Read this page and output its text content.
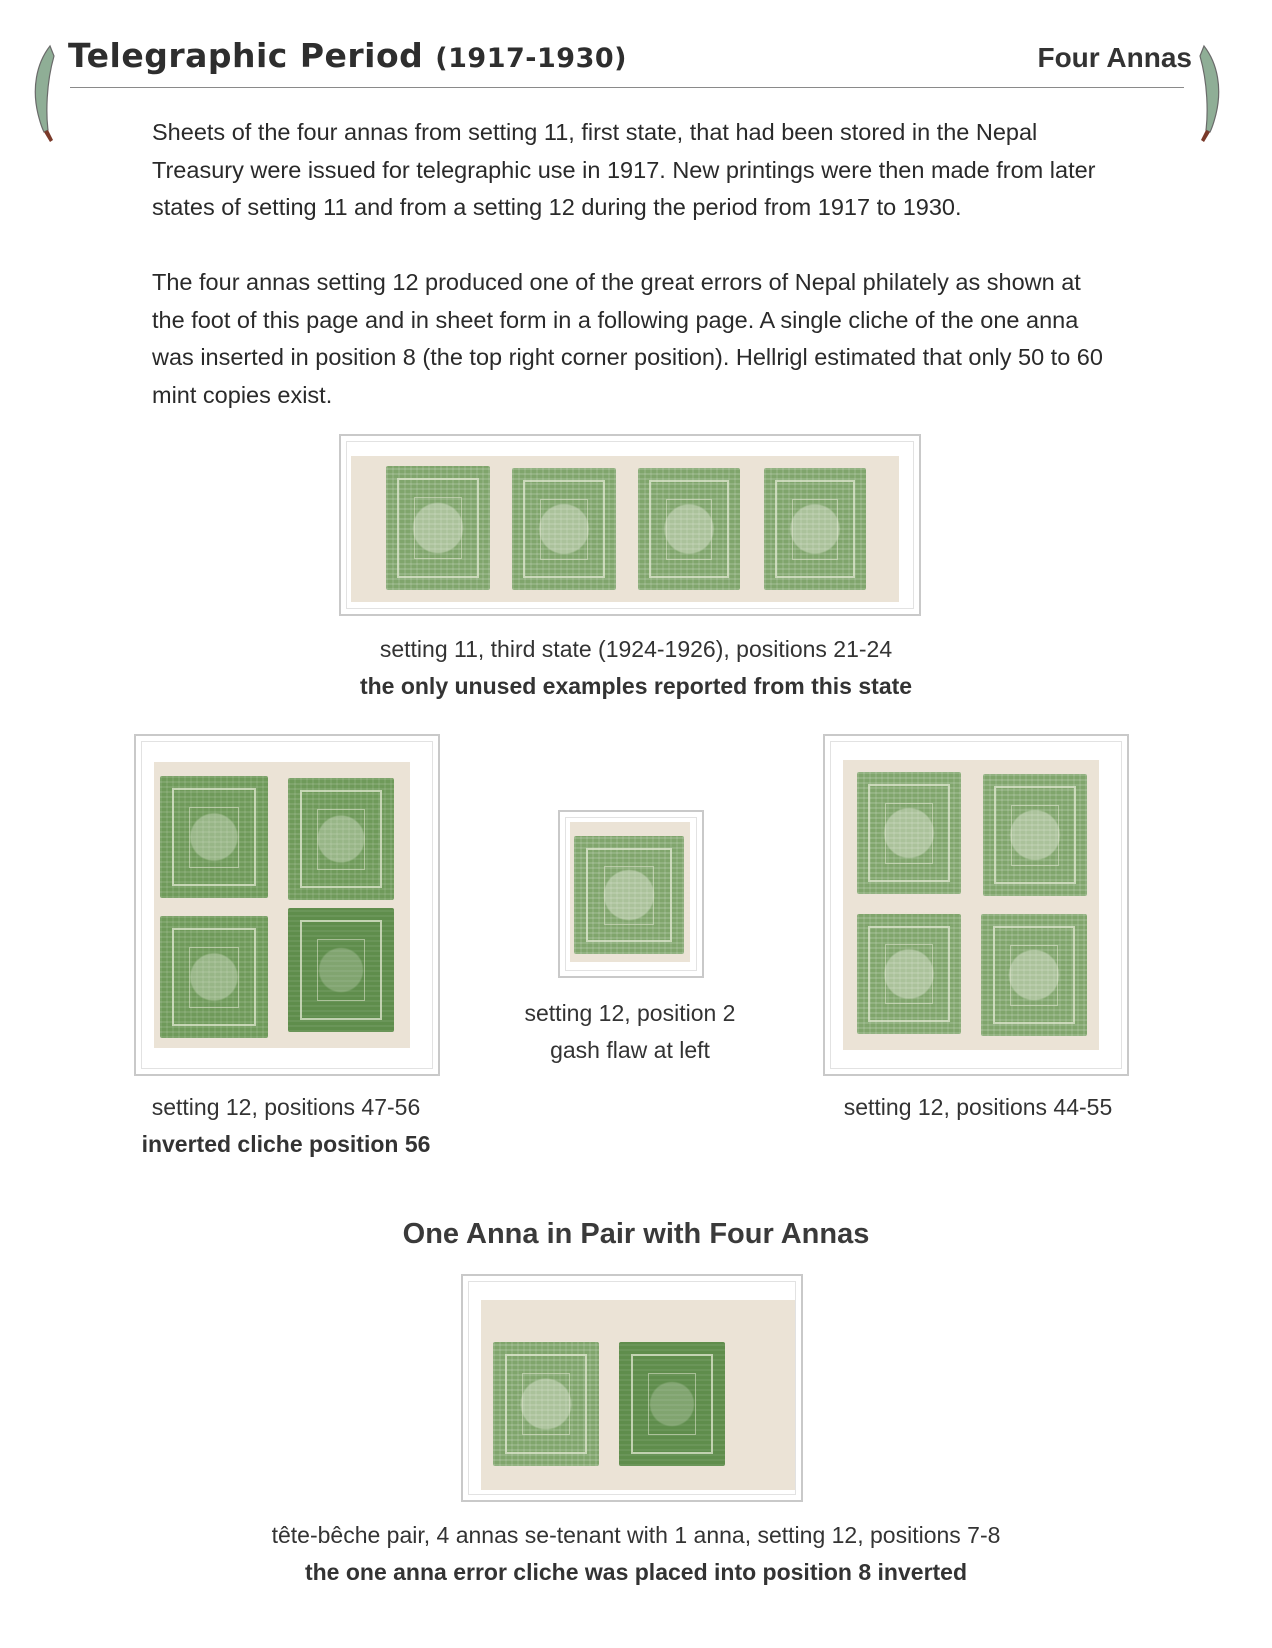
Telegraphic Period (1917-1930)	Four Annas
Sheets of the four annas from setting 11, first state, that had been stored in the Nepal Treasury were issued for telegraphic use in 1917. New printings were then made from later states of setting 11 and from a setting 12 during the period from 1917 to 1930.
The four annas setting 12 produced one of the great errors of Nepal philately as shown at the foot of this page and in sheet form in a following page. A single cliche of the one anna was inserted in position 8 (the top right corner position). Hellrigl estimated that only 50 to 60 mint copies exist.
setting 11, third state (1924-1926), positions 21-24
the only unused examples reported from this state
setting 12, positions 47-56
inverted cliche position 56
setting 12, position 2
gash flaw at left
setting 12, positions 44-55
One Anna in Pair with Four Annas
tête-bêche pair, 4 annas se-tenant with 1 anna, setting 12, positions 7-8
the one anna error cliche was placed into position 8 inverted
